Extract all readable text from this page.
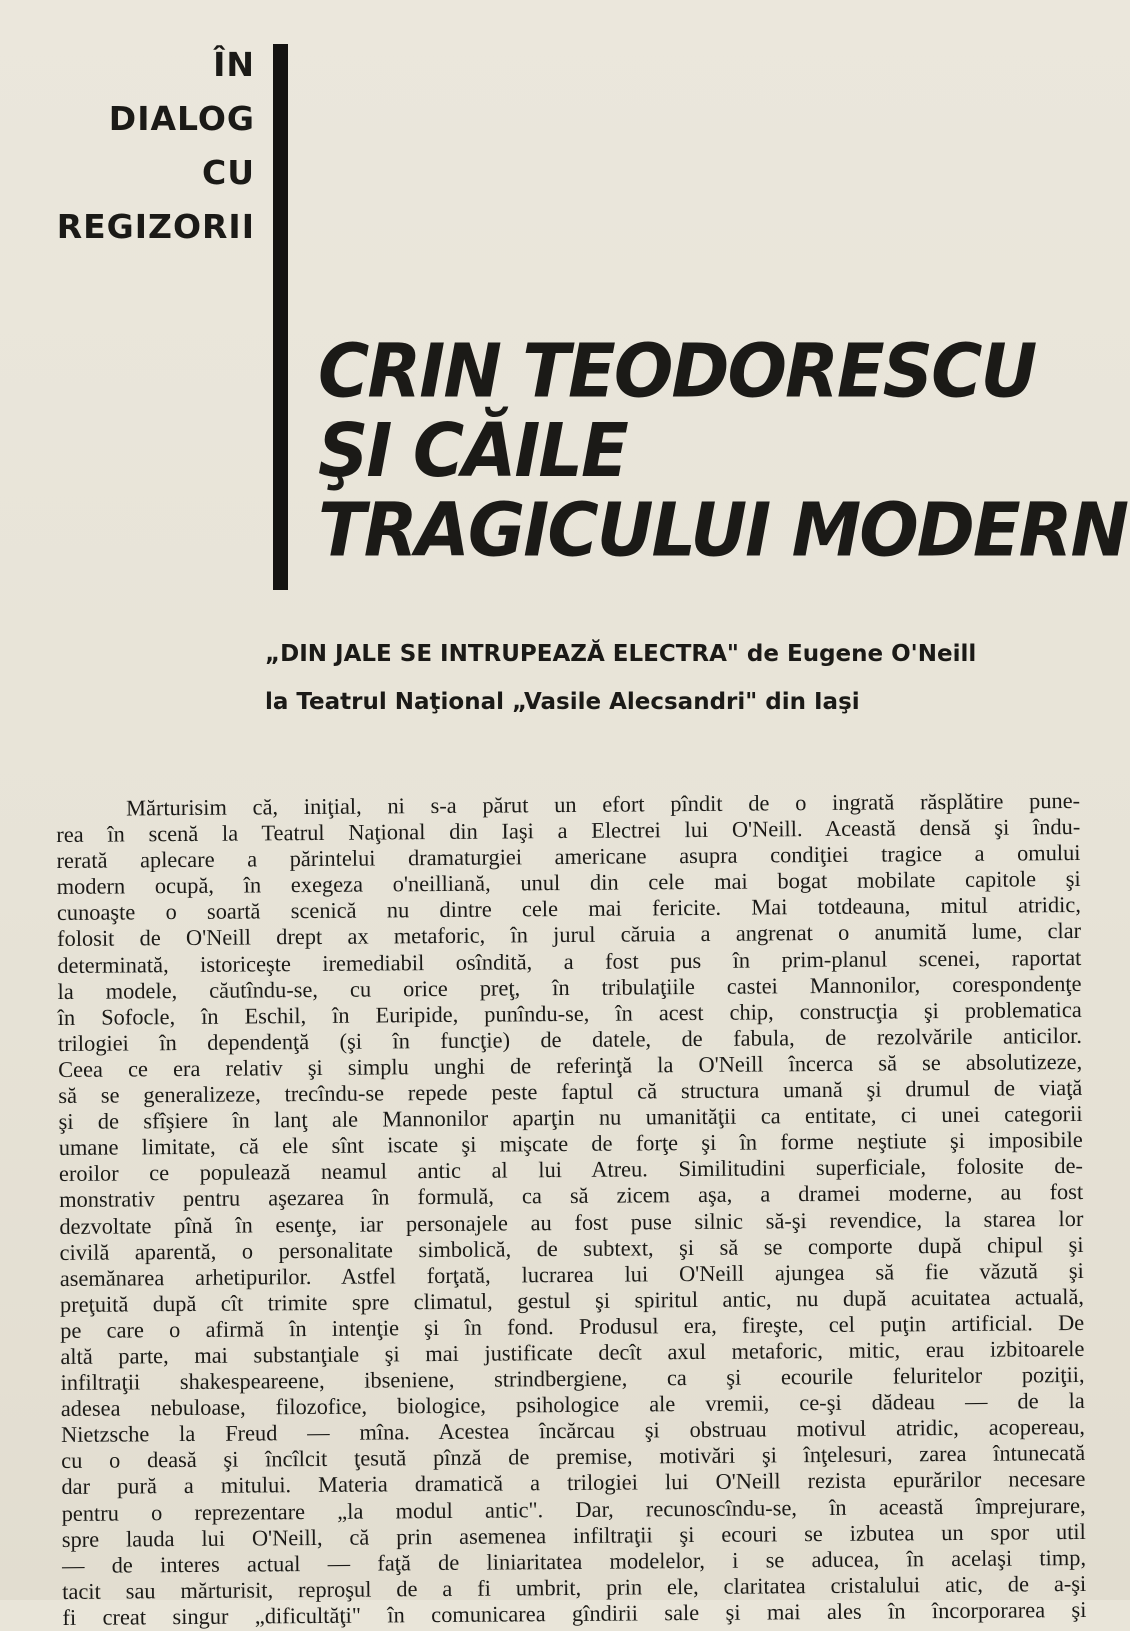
ÎN
DIALOG
CU
REGIZORII
CRIN TEODORESCU
ŞI CĂILE
TRAGICULUI MODERN
„DIN JALE SE INTRUPEAZĂ ELECTRA" de Eugene O'Neill
la Teatrul Naţional „Vasile Alecsandri" din Iaşi
Mărturisim că, iniţial, ni s-a părut un efort pîndit de o ingrată răsplătire pune-
rea în scenă la Teatrul Naţional din Iaşi a Electrei lui O'Neill. Această densă şi îndu-
rerată aplecare a părintelui dramaturgiei americane asupra condiţiei tragice a omului
modern ocupă, în exegeza o'neilliană, unul din cele mai bogat mobilate capitole şi
cunoaşte o soartă scenică nu dintre cele mai fericite. Mai totdeauna, mitul atridic,
folosit de O'Neill drept ax metaforic, în jurul căruia a angrenat o anumită lume, clar
determinată, istoriceşte iremediabil osîndită, a fost pus în prim-planul scenei, raportat
la modele, căutîndu-se, cu orice preţ, în tribulaţiile castei Mannonilor, corespondenţe
în Sofocle, în Eschil, în Euripide, punîndu-se, în acest chip, construcţia şi problematica
trilogiei în dependenţă (şi în funcţie) de datele, de fabula, de rezolvările anticilor.
Ceea ce era relativ şi simplu unghi de referinţă la O'Neill încerca să se absolutizeze,
să se generalizeze, trecîndu-se repede peste faptul că structura umană şi drumul de viaţă
şi de sfîşiere în lanţ ale Mannonilor aparţin nu umanităţii ca entitate, ci unei categorii
umane limitate, că ele sînt iscate şi mişcate de forţe şi în forme neştiute şi imposibile
eroilor ce populează neamul antic al lui Atreu. Similitudini superficiale, folosite de-
monstrativ pentru aşezarea în formulă, ca să zicem aşa, a dramei moderne, au fost
dezvoltate pînă în esenţe, iar personajele au fost puse silnic să-şi revendice, la starea lor
civilă aparentă, o personalitate simbolică, de subtext, şi să se comporte după chipul şi
asemănarea arhetipurilor. Astfel forţată, lucrarea lui O'Neill ajungea să fie văzută şi
preţuită după cît trimite spre climatul, gestul şi spiritul antic, nu după acuitatea actuală,
pe care o afirmă în intenţie şi în fond. Produsul era, fireşte, cel puţin artificial. De
altă parte, mai substanţiale şi mai justificate decît axul metaforic, mitic, erau izbitoarele
infiltraţii shakespeareene, ibseniene, strindbergiene, ca şi ecourile feluritelor poziţii,
adesea nebuloase, filozofice, biologice, psihologice ale vremii, ce-şi dădeau — de la
Nietzsche la Freud — mîna. Acestea încărcau şi obstruau motivul atridic, acopereau,
cu o deasă şi încîlcit ţesută pînză de premise, motivări şi înţelesuri, zarea întunecată
dar pură a mitului. Materia dramatică a trilogiei lui O'Neill rezista epurărilor necesare
pentru o reprezentare „la modul antic". Dar, recunoscîndu-se, în această împrejurare,
spre lauda lui O'Neill, că prin asemenea infiltraţii şi ecouri se izbutea un spor util
— de interes actual — faţă de liniaritatea modelelor, i se aducea, în acelaşi timp,
tacit sau mărturisit, reproşul de a fi umbrit, prin ele, claritatea cristalului atic, de a-şi
fi creat singur „dificultăţi" în comunicarea gîndirii sale şi mai ales în încorporarea şi
